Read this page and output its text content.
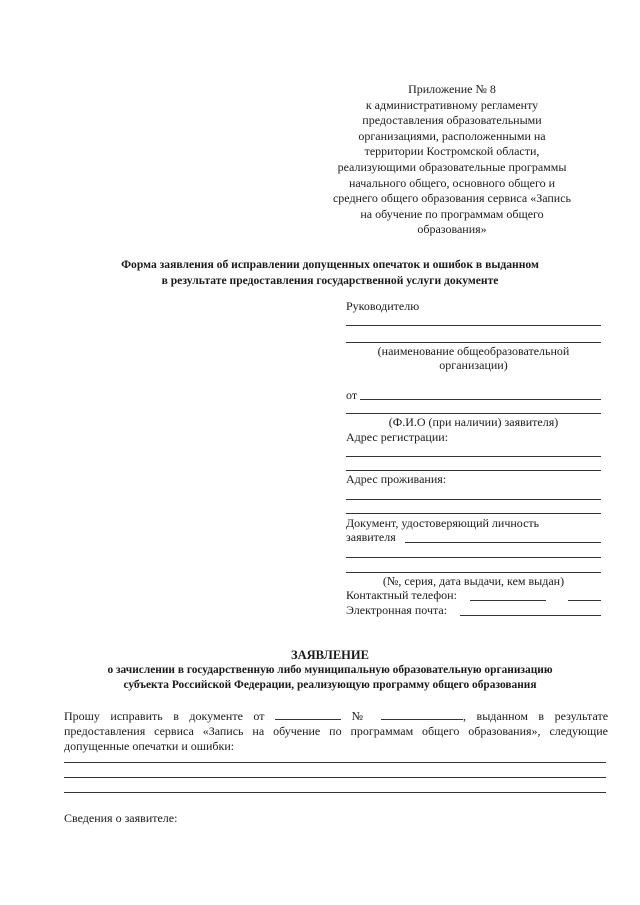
Приложение № 8
к административному регламенту
предоставления образовательными
организациями, расположенными на
территории Костромской области,
реализующими образовательные программы
начального общего, основного общего и
среднего общего образования сервиса «Запись
на обучение по программам общего
образования»
Форма заявления об исправлении допущенных опечаток и ошибок в выданном
в результате предоставления государственной услуги документе
Руководителю
(наименование общеобразовательной
организации)
от
(Ф.И.О (при наличии) заявителя)
Адрес регистрации:
Адрес проживания:
Документ, удостоверяющий личность
заявителя
(№, серия, дата выдачи, кем выдан)
Контактный телефон:
Электронная почта:
ЗАЯВЛЕНИЕ
о зачислении в государственную либо муниципальную образовательную организацию
субъекта Российской Федерации, реализующую программу общего образования
Прошу исправить в документе от	№	, выданном в результате предоставления сервиса «Запись на обучение по программам общего образования», следующие допущенные опечатки и ошибки:
Сведения о заявителе:
